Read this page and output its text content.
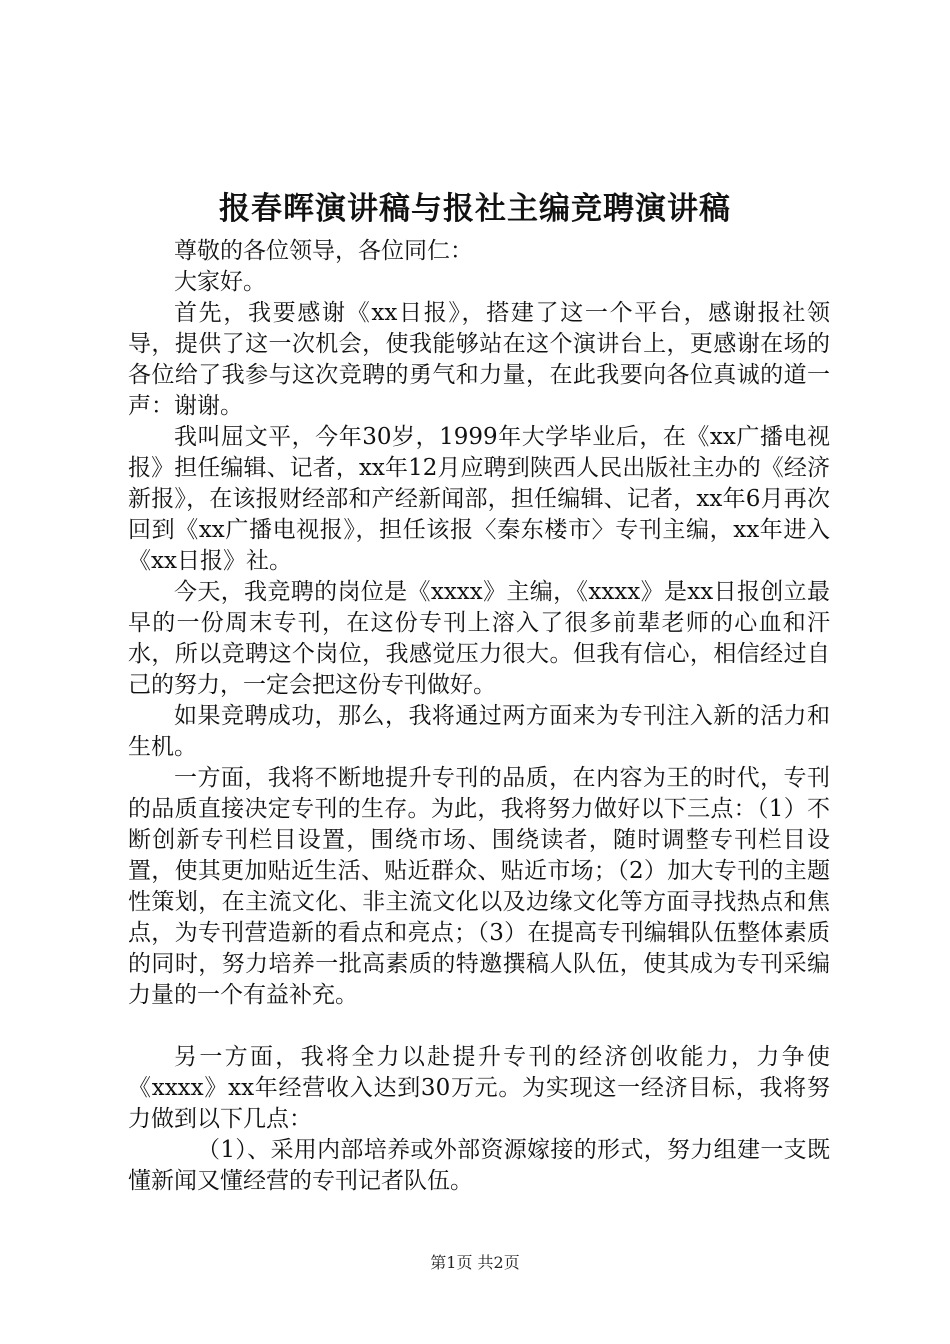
报春晖演讲稿与报社主编竞聘演讲稿

尊敬的各位领导，各位同仁：

大家好。

首先，我要感谢《xx日报》，搭建了这一个平台，感谢报社领导，提供了这一次机会，使我能够站在这个演讲台上，更感谢在场的各位给了我参与这次竞聘的勇气和力量，在此我要向各位真诚的道一声：谢谢。

我叫屈文平，今年30岁，1999年大学毕业后，在《xx广播电视报》担任编辑、记者，xx年12月应聘到陕西人民出版社主办的《经济新报》，在该报财经部和产经新闻部，担任编辑、记者，xx年6月再次回到《xx广播电视报》，担任该报〈秦东楼市〉专刊主编，xx年进入《xx日报》社。

今天，我竞聘的岗位是《xxxx》主编，《xxxx》是xx日报创立最早的一份周末专刊，在这份专刊上溶入了很多前辈老师的心血和汗水，所以竞聘这个岗位，我感觉压力很大。但我有信心，相信经过自己的努力，一定会把这份专刊做好。

如果竞聘成功，那么，我将通过两方面来为专刊注入新的活力和生机。

一方面，我将不断地提升专刊的品质，在内容为王的时代，专刊的品质直接决定专刊的生存。为此，我将努力做好以下三点：（1）不断创新专刊栏目设置，围绕市场、围绕读者，随时调整专刊栏目设置，使其更加贴近生活、贴近群众、贴近市场；（2）加大专刊的主题性策划，在主流文化、非主流文化以及边缘文化等方面寻找热点和焦点，为专刊营造新的看点和亮点；（3）在提高专刊编辑队伍整体素质的同时，努力培养一批高素质的特邀撰稿人队伍，使其成为专刊采编力量的一个有益补充。

另一方面，我将全力以赴提升专刊的经济创收能力，力争使《xxxx》xx年经营收入达到30万元。为实现这一经济目标，我将努力做到以下几点：

（1）、采用内部培养或外部资源嫁接的形式，努力组建一支既懂新闻又懂经营的专刊记者队伍。

第1页 共2页
